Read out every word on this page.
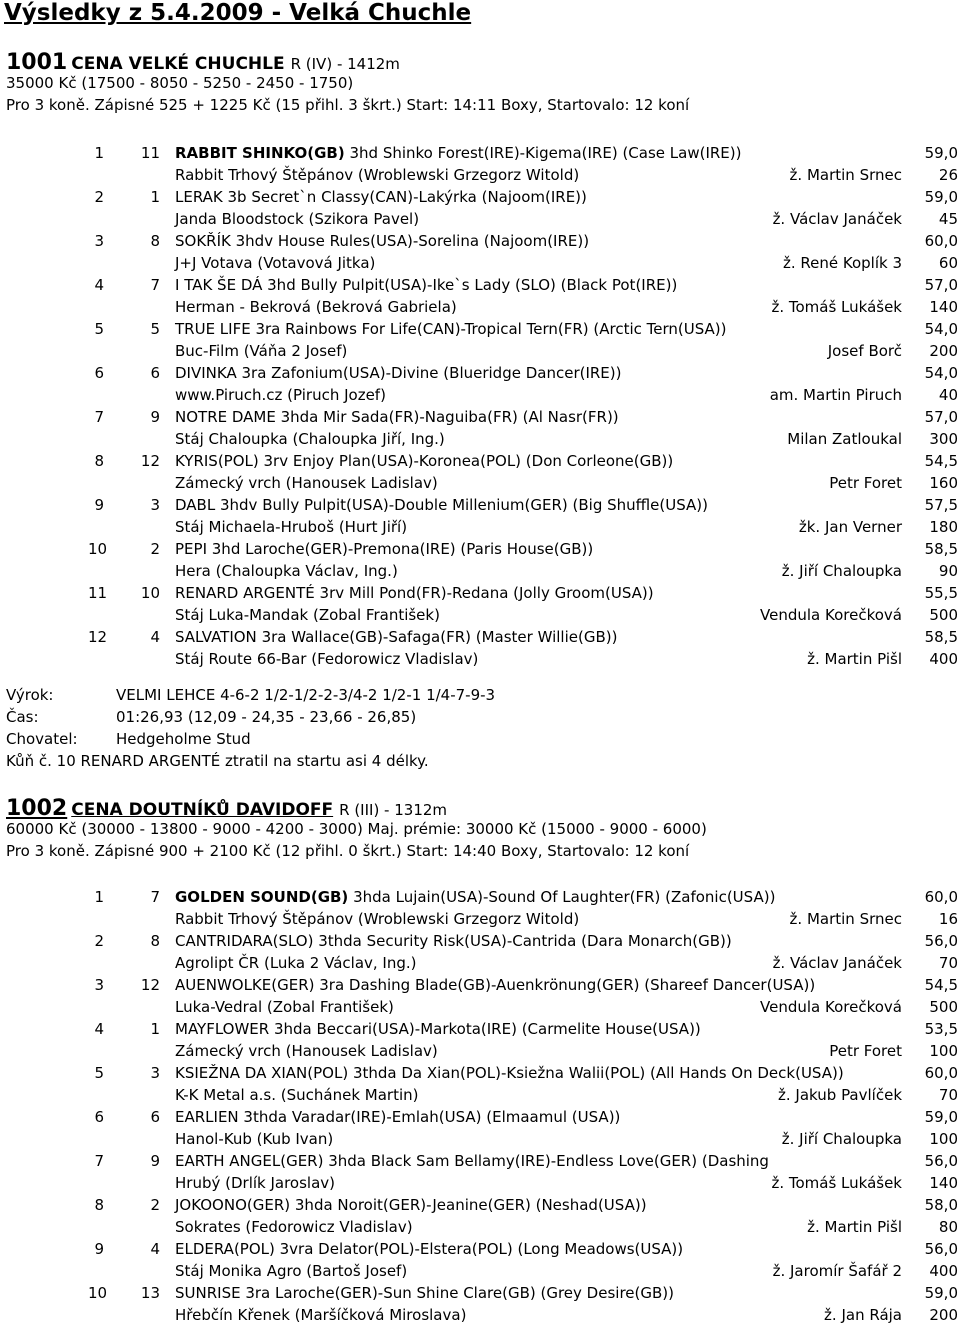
Výsledky z 5.4.2009 - Velká Chuchle
1001 CENA VELKÉ CHUCHLE R (IV) - 1412m
35000 Kč (17500 - 8050 - 5250 - 2450 - 1750)
Pro 3 koně. Zápisné 525 + 1225 Kč (15 přihl. 3 škrt.) Start: 14:11 Boxy, Startovalo: 12 koní
1	11 RABBIT SHINKO(GB) 3hd Shinko Forest(IRE)-Kigema(IRE) (Case Law(IRE))	59,0
Rabbit Trhový Štěpánov (Wroblewski Grzegorz Witold)	ž. Martin Srnec	26
2	1 LERAK 3b Secret`n Classy(CAN)-Lakýrka (Najoom(IRE))	59,0
Janda Bloodstock (Szikora Pavel)	ž. Václav Janáček	45
3	8 SOKŘÍK 3hdv House Rules(USA)-Sorelina (Najoom(IRE))	60,0
J+J Votava (Votavová Jitka)	ž. René Koplík 3	60
4	7 I TAK ŠE DÁ 3hd Bully Pulpit(USA)-Ike`s Lady (SLO) (Black Pot(IRE))	57,0
Herman - Bekrová (Bekrová Gabriela)	ž. Tomáš Lukášek	140
5	5 TRUE LIFE 3ra Rainbows For Life(CAN)-Tropical Tern(FR) (Arctic Tern(USA))	54,0
Buc-Film (Váňa 2 Josef)	Josef Borč	200
6	6 DIVINKA 3ra Zafonium(USA)-Divine (Blueridge Dancer(IRE))	54,0
www.Piruch.cz (Piruch Jozef)	am. Martin Piruch	40
7	9 NOTRE DAME 3hda Mir Sada(FR)-Naguiba(FR) (Al Nasr(FR))	57,0
Stáj Chaloupka (Chaloupka Jiří, Ing.)	Milan Zatloukal	300
8	12 KYRIS(POL) 3rv Enjoy Plan(USA)-Koronea(POL) (Don Corleone(GB))	54,5
Zámecký vrch (Hanousek Ladislav)	Petr Foret	160
9	3 DABL 3hdv Bully Pulpit(USA)-Double Millenium(GER) (Big Shuffle(USA))	57,5
Stáj Michaela-Hruboš (Hurt Jiří)	žk. Jan Verner	180
10	2 PEPI 3hd Laroche(GER)-Premona(IRE) (Paris House(GB))	58,5
Hera (Chaloupka Václav, Ing.)	ž. Jiří Chaloupka	90
11	10 RENARD ARGENTÉ 3rv Mill Pond(FR)-Redana (Jolly Groom(USA))	55,5
Stáj Luka-Mandak (Zobal František)	Vendula Korečková	500
12	4 SALVATION 3ra Wallace(GB)-Safaga(FR) (Master Willie(GB))	58,5
Stáj Route 66-Bar (Fedorowicz Vladislav)	ž. Martin Pišl	400
Výrok:	VELMI LEHCE 4-6-2 1/2-1/2-2-3/4-2 1/2-1 1/4-7-9-3
Čas:	01:26,93 (12,09 - 24,35 - 23,66 - 26,85)
Chovatel:	Hedgeholme Stud
Kůň č. 10 RENARD ARGENTÉ ztratil na startu asi 4 délky.
1002 CENA DOUTNÍKŮ DAVIDOFF R (III) - 1312m
60000 Kč (30000 - 13800 - 9000 - 4200 - 3000) Maj. prémie: 30000 Kč (15000 - 9000 - 6000)
Pro 3 koně. Zápisné 900 + 2100 Kč (12 přihl. 0 škrt.) Start: 14:40 Boxy, Startovalo: 12 koní
1	7 GOLDEN SOUND(GB) 3hda Lujain(USA)-Sound Of Laughter(FR) (Zafonic(USA))	60,0
Rabbit Trhový Štěpánov (Wroblewski Grzegorz Witold)	ž. Martin Srnec	16
2	8 CANTRIDARA(SLO) 3thda Security Risk(USA)-Cantrida (Dara Monarch(GB))	56,0
Agrolipt ČR (Luka 2 Václav, Ing.)	ž. Václav Janáček	70
3	12 AUENWOLKE(GER) 3ra Dashing Blade(GB)-Auenkrönung(GER) (Shareef Dancer(USA))	54,5
Luka-Vedral (Zobal František)	Vendula Korečková	500
4	1 MAYFLOWER 3hda Beccari(USA)-Markota(IRE) (Carmelite House(USA))	53,5
Zámecký vrch (Hanousek Ladislav)	Petr Foret	100
5	3 KSIEŽNA DA XIAN(POL) 3thda Da Xian(POL)-Ksiežna Walii(POL) (All Hands On Deck(USA))	60,0
K-K Metal a.s. (Suchánek Martin)	ž. Jakub Pavlíček	70
6	6 EARLIEN 3thda Varadar(IRE)-Emlah(USA) (Elmaamul (USA))	59,0
Hanol-Kub (Kub Ivan)	ž. Jiří Chaloupka	100
7	9 EARTH ANGEL(GER) 3hda Black Sam Bellamy(IRE)-Endless Love(GER) (Dashing	56,0
Hrubý (Drlík Jaroslav)	ž. Tomáš Lukášek	140
8	2 JOKOONO(GER) 3hda Noroit(GER)-Jeanine(GER) (Neshad(USA))	58,0
Sokrates (Fedorowicz Vladislav)	ž. Martin Pišl	80
9	4 ELDERA(POL) 3vra Delator(POL)-Elstera(POL) (Long Meadows(USA))	56,0
Stáj Monika Agro (Bartoš Josef)	ž. Jaromír Šafář 2	400
10	13 SUNRISE 3ra Laroche(GER)-Sun Shine Clare(GB) (Grey Desire(GB))	59,0
Hřebčín Křenek (Maršíčková Miroslava)	ž. Jan Rája	200
